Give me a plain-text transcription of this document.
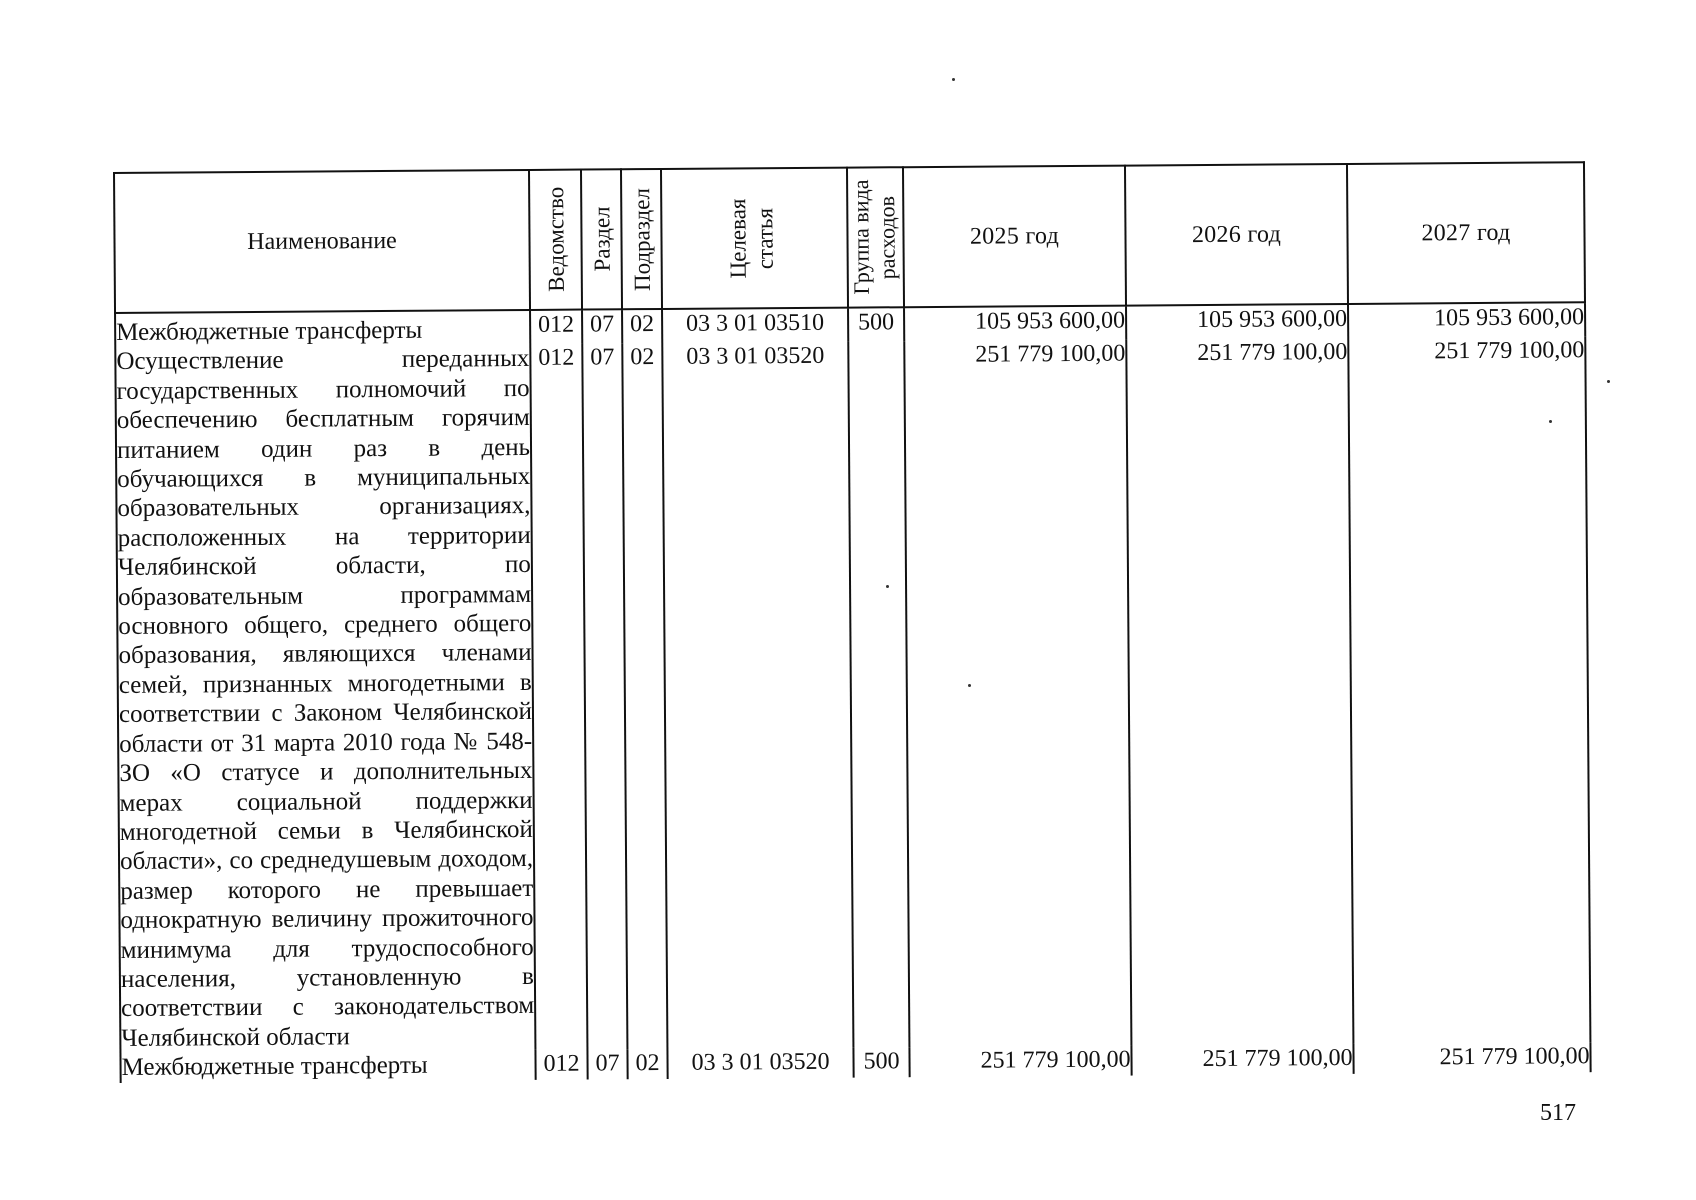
Наименование	Ведомство	Раздел	Подраздел	Целевая статья	Группа вида расходов	2025 год	2026 год	2027 год
Межбюджетные трансферты	012	07	02	03 3 01 03510	500	105 953 600,00	105 953 600,00	105 953 600,00
Осуществление переданных государственных полномочий по обеспечению бесплатным горячим питанием один раз в день обучающихся в муниципальных образовательных организациях, расположенных на территории Челябинской области, по образовательным программам основного общего, среднего общего образования, являющихся членами семей, признанных многодетными в соответствии с Законом Челябинской области от 31 марта 2010 года № 548-ЗО «О статусе и дополнительных мерах социальной поддержки многодетной семьи в Челябинской области», со среднедушевым доходом, размер которого не превышает однократную величину прожиточного минимума для трудоспособного населения, установленную в соответствии с законодательством Челябинской области	012	07	02	03 3 01 03520		251 779 100,00	251 779 100,00	251 779 100,00
Межбюджетные трансферты	012	07	02	03 3 01 03520	500	251 779 100,00	251 779 100,00	251 779 100,00
517
